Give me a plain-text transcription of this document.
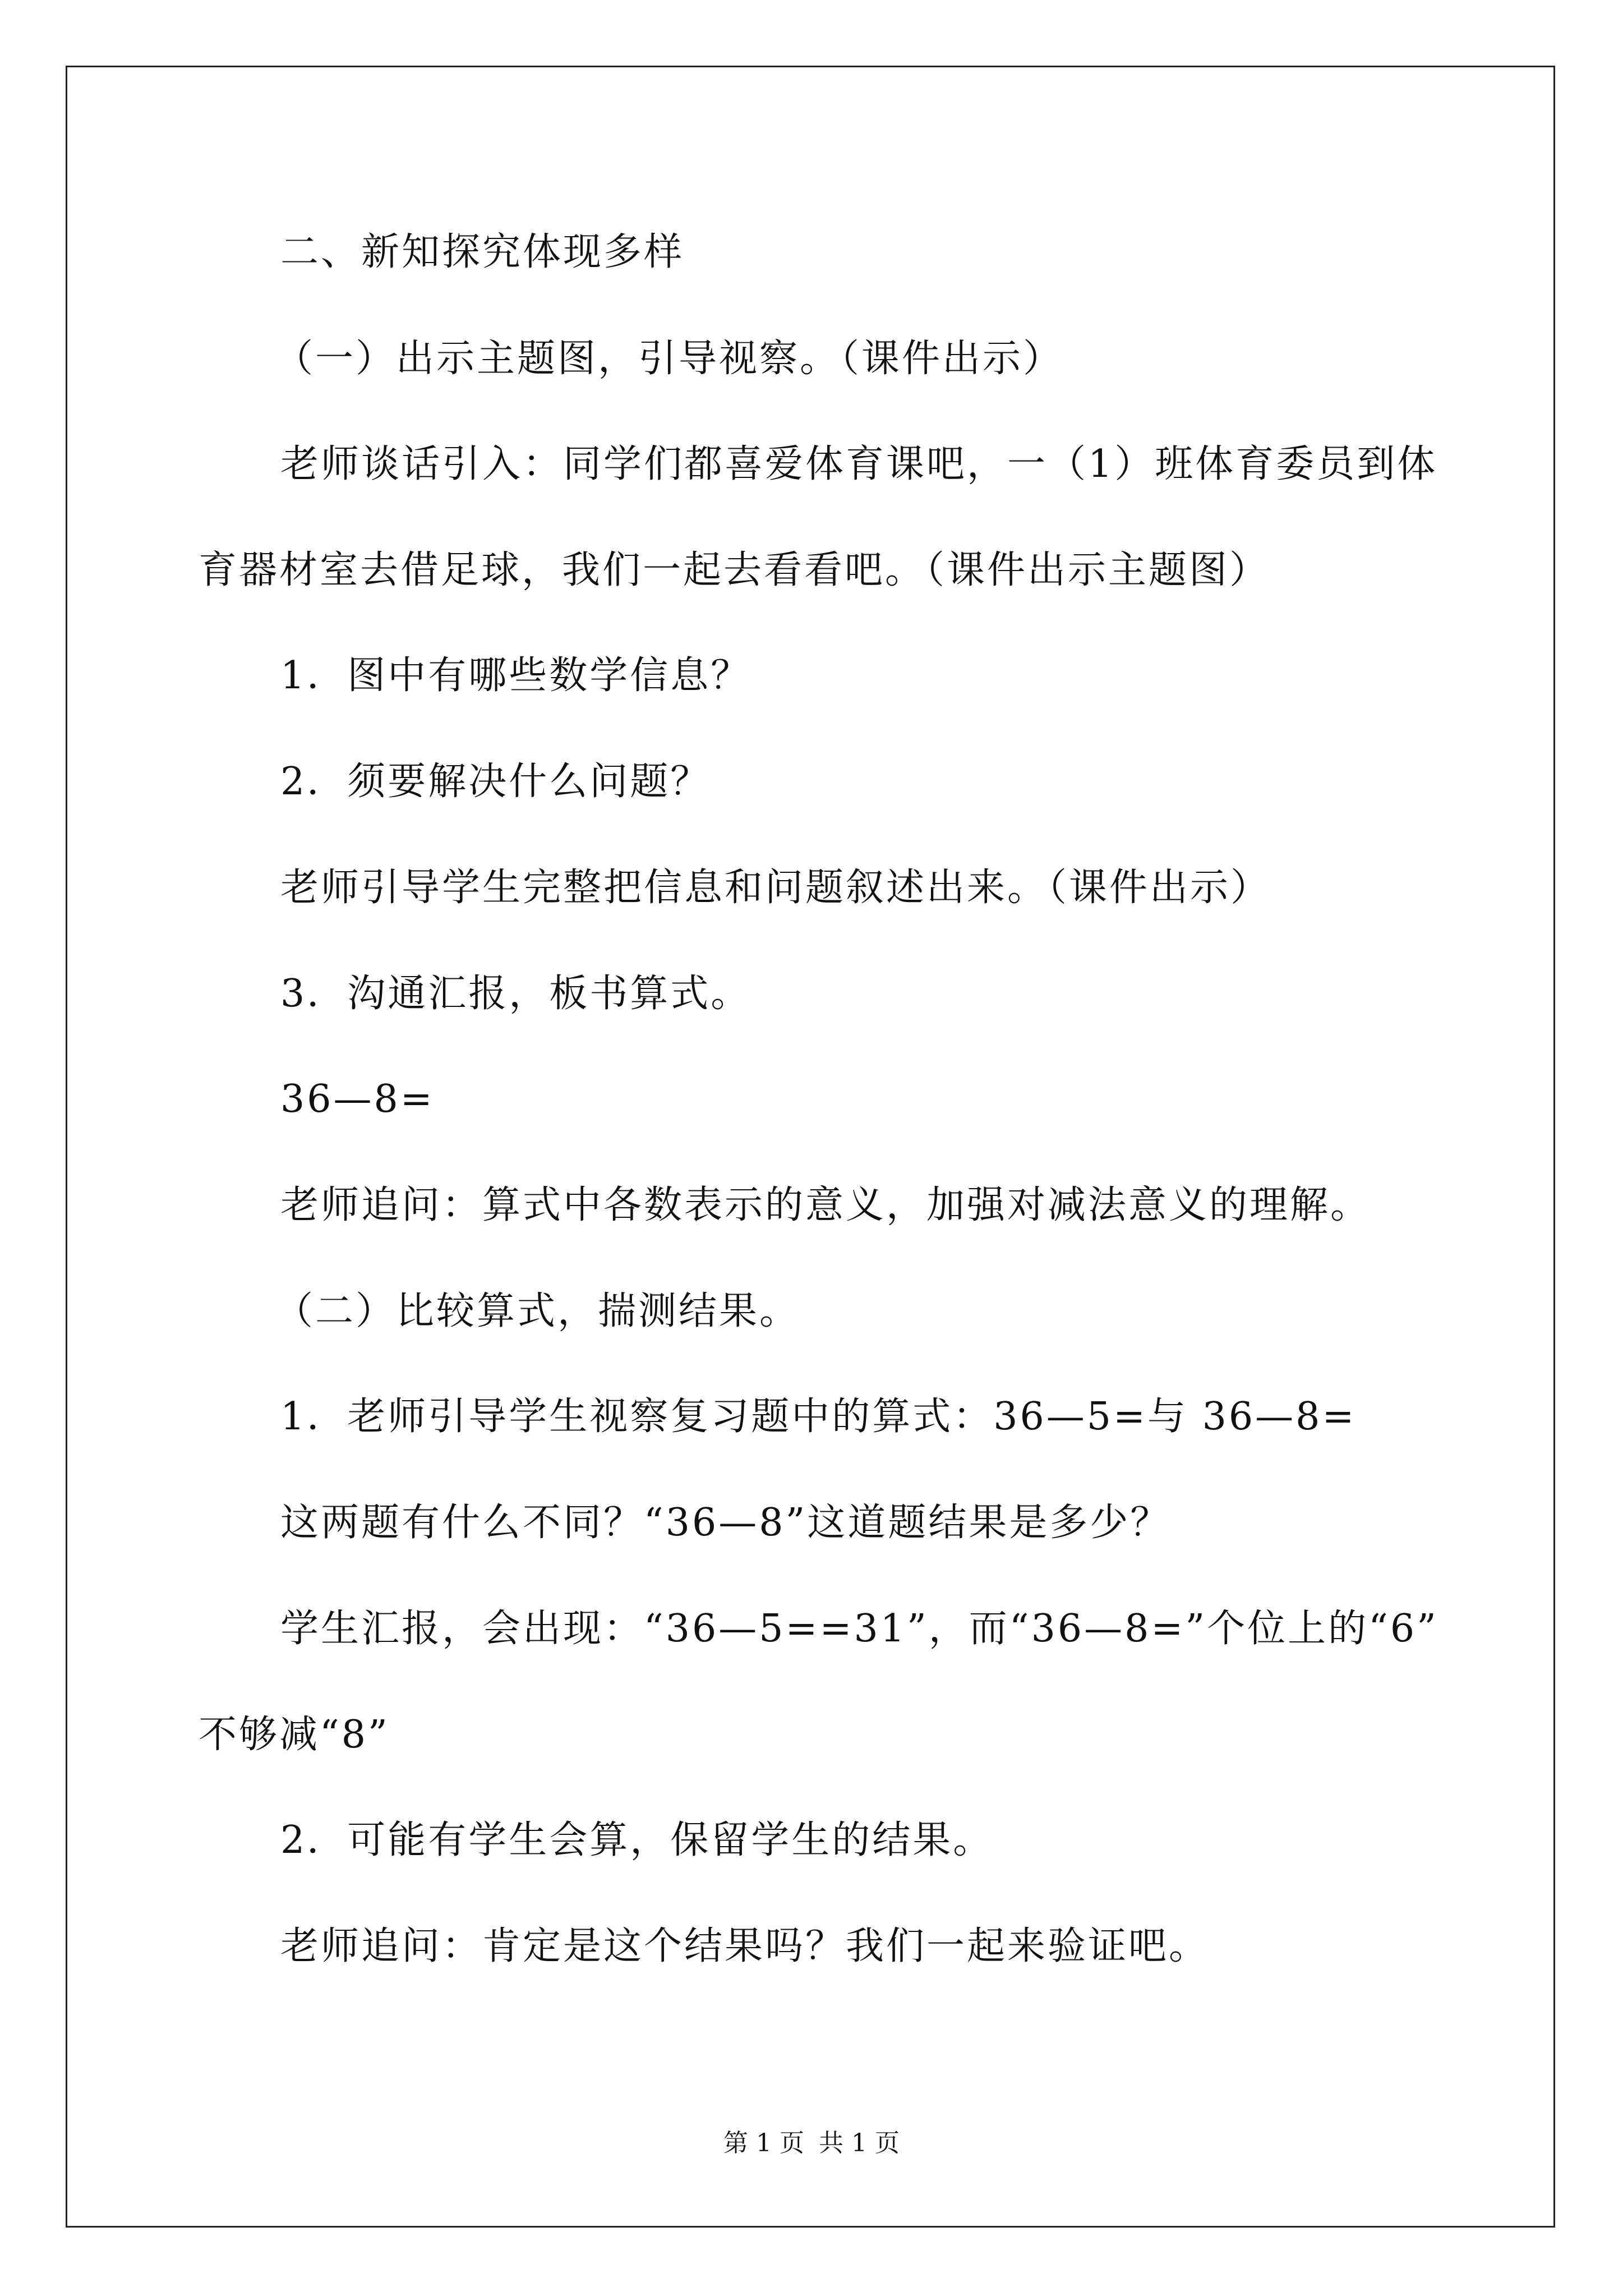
二、新知探究体现多样
（一）出示主题图，引导视察。（课件出示）
老师谈话引入：同学们都喜爱体育课吧，一（1）班体育委员到体
育器材室去借足球，我们一起去看看吧。（课件出示主题图）
1．图中有哪些数学信息？
2．须要解决什么问题？
老师引导学生完整把信息和问题叙述出来。（课件出示）
3．沟通汇报，板书算式。
36—8=
老师追问：算式中各数表示的意义，加强对减法意义的理解。
（二）比较算式，揣测结果。
1．老师引导学生视察复习题中的算式：36—5=与 36—8=
这两题有什么不同？“36—8”这道题结果是多少？
学生汇报，会出现：“36—5==31”，而“36—8=”个位上的“6”
不够减“8”
2．可能有学生会算，保留学生的结果。
老师追问：肯定是这个结果吗？我们一起来验证吧。
第 1 页 共 1 页
